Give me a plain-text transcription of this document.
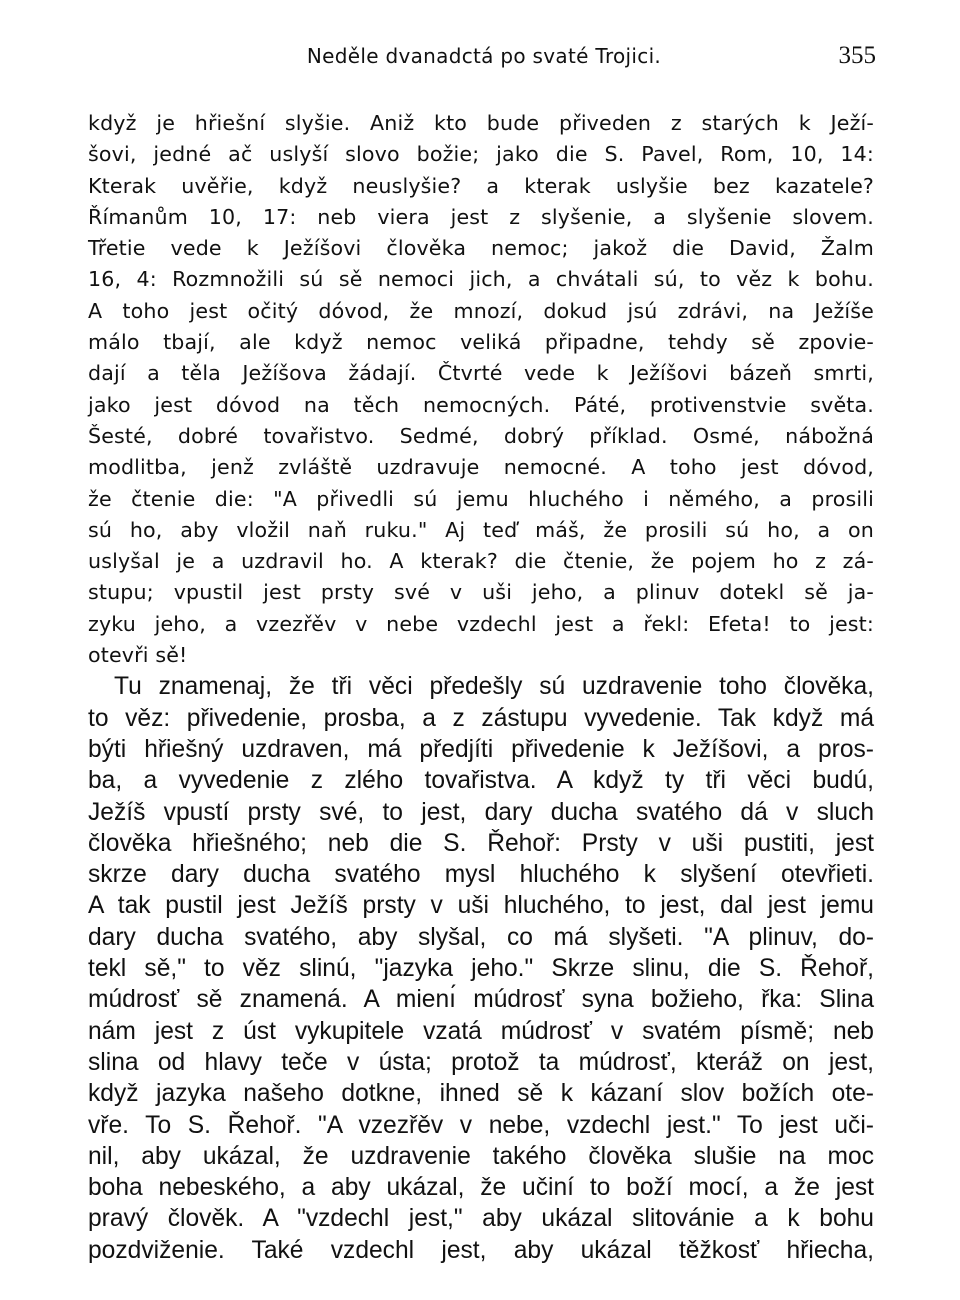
Neděle dvanadctá po svaté Trojici.	355
když je hřiešní slyšie. Aniž kto bude přiveden z starých k Ježí-
šovi, jedné ač uslyší slovo božie; jako die S. Pavel, Rom, 10, 14:
Kterak uvěřie, když neuslyšie? a kterak uslyšie bez kazatele?
Římanům 10, 17: neb viera jest z slyšenie, a slyšenie slovem.
Třetie vede k Ježíšovi člověka nemoc; jakož die David, Žalm
16, 4: Rozmnožili sú sě nemoci jich, a chvátali sú, to věz k bohu.
A toho jest očitý dóvod, že mnozí, dokud jsú zdrávi, na Ježíše
málo tbají, ale když nemoc veliká připadne, tehdy sě zpovie-
dají a těla Ježíšova žádají. Čtvrté vede k Ježíšovi bázeň smrti,
jako jest dóvod na těch nemocných. Páté, protivenstvie světa.
Šesté, dobré tovařistvo. Sedmé, dobrý příklad. Osmé, nábožná
modlitba, jenž zvláště uzdravuje nemocné. A toho jest dóvod,
že čtenie die: "A přivedli sú jemu hluchého i němého, a prosili
sú ho, aby vložil naň ruku." Aj teď máš, že prosili sú ho, a on
uslyšal je a uzdravil ho. A kterak? die čtenie, že pojem ho z zá-
stupu; vpustil jest prsty své v uši jeho, a plinuv dotekl sě ja-
zyku jeho, a vzezřěv v nebe vzdechl jest a řekl: Efeta! to jest:
otevři sě!
Tu znamenaj, že tři věci předešly sú uzdravenie toho člověka,
to věz: přivedenie, prosba, a z zástupu vyvedenie. Tak když má
býti hřiešný uzdraven, má předjíti přivedenie k Ježíšovi, a pros-
ba, a vyvedenie z zlého tovařistva. A když ty tři věci budú,
Ježíš vpustí prsty své, to jest, dary ducha svatého dá v sluch
člověka hřiešného; neb die S. Řehoř: Prsty v uši pustiti, jest
skrze dary ducha svatého mysl hluchého k slyšení otevřieti.
A tak pustil jest Ježíš prsty v uši hluchého, to jest, dal jest jemu
dary ducha svatého, aby slyšal, co má slyšeti. "A plinuv, do-
tekl sě," to věz slinú, "jazyka jeho." Skrze slinu, die S. Řehoř,
múdrosť sě znamená. A mienı́ múdrosť syna božieho, řka: Slina
nám jest z úst vykupitele vzatá múdrosť v svatém písmě; neb
slina od hlavy teče v ústa; protož ta múdrosť, kteráž on jest,
když jazyka našeho dotkne, ihned sě k kázaní slov božích ote-
vře. To S. Řehoř. "A vzezřěv v nebe, vzdechl jest." To jest uči-
nil, aby ukázal, že uzdravenie takého člověka slušie na moc
boha nebeského, a aby ukázal, že učiní to boží mocí, a že jest
pravý člověk. A "vzdechl jest," aby ukázal slitovánie a k bohu
pozdviženie. Také vzdechl jest, aby ukázal těžkosť hřiecha,
